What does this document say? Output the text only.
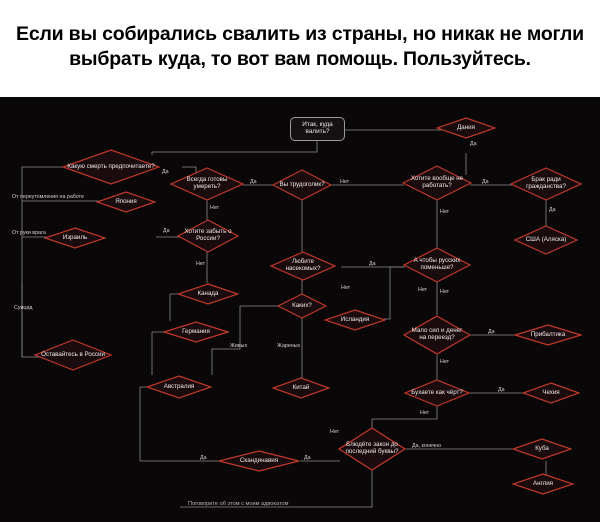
Если вы собирались свалить из страны, но никак не могли выбрать куда, то вот вам помощь. Пользуйтесь.
Итак, куда валить?
Какую смерть предпочитаете?
Всегда готовы умереть?	Вы трудоголик?
Хотите вообще не работать?
Брак ради гражданства?
Хотите забыть о России?
Любите насекомых?
Каких?
А чтобы русских поменьше?
Мало сил и денег на переезд?
Бухаете как чёрт?
Блюдёте закон до последний буквы?
Дания
Япония
Израиль	США (Аляска)
Канада
Германия
Исландия
Оставайтесь в России
Прибалтика
Австралия	Китай
Чехия
Скандинавия
Куба
Англия
Да
От переутомления на работе
От руки врага
Суицид
Нет
Да	Нет	Да
Да
Да
Нет
Нет
Да
Нет	Нет
Живых	Жареных
Нет
Да
Нет
Да
Нет
Да
Да
Нет
Да, конечно
Да
Поговорите об этом с моим адвокатом
